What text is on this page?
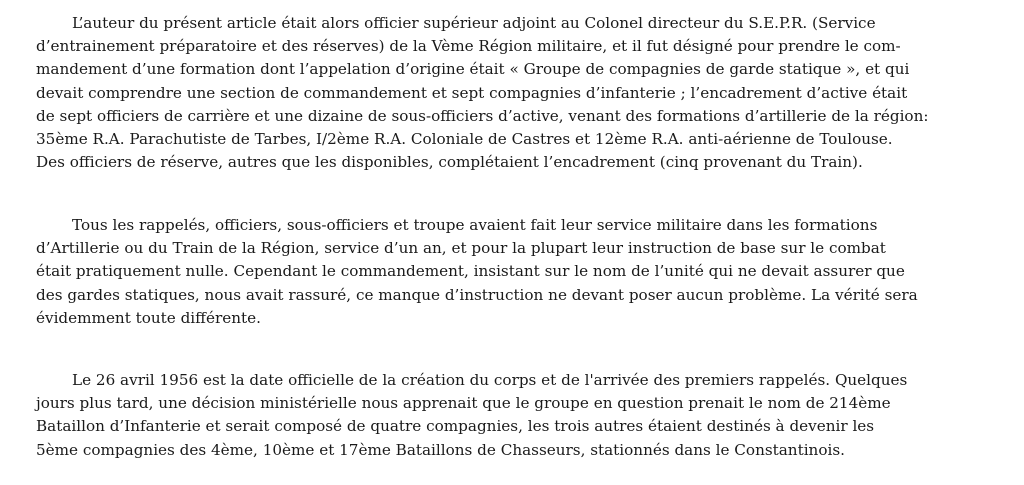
L’auteur du présent article était alors officier supérieur adjoint au Colonel directeur du S.E.P.R. (Service
d’entrainement préparatoire et des réserves) de la Vème Région militaire, et il fut désigné pour prendre le com-
mandement d’une formation dont l’appelation d’origine était « Groupe de compagnies de garde statique », et qui
devait comprendre une section de commandement et sept compagnies d’infanterie ; l’encadrement d’active était
de sept officiers de carrière et une dizaine de sous-officiers d’active, venant des formations d’artillerie de la région:
35ème R.A. Parachutiste de Tarbes, I/2ème R.A. Coloniale de Castres et 12ème R.A. anti-aérienne de Toulouse.
Des officiers de réserve, autres que les disponibles, complétaient l’encadrement (cinq provenant du Train).

Tous les rappelés, officiers, sous-officiers et troupe avaient fait leur service militaire dans les formations
d’Artillerie ou du Train de la Région, service d’un an, et pour la plupart leur instruction de base sur le combat
était pratiquement nulle. Cependant le commandement, insistant sur le nom de l’unité qui ne devait assurer que
des gardes statiques, nous avait rassuré, ce manque d’instruction ne devant poser aucun problème. La vérité sera
évidemment toute différente.

Le 26 avril 1956 est la date officielle de la création du corps et de l'arrivée des premiers rappelés. Quelques
jours plus tard, une décision ministérielle nous apprenait que le groupe en question prenait le nom de 214ème
Bataillon d’Infanterie et serait composé de quatre compagnies, les trois autres étaient destinés à devenir les
5ème compagnies des 4ème, 10ème et 17ème Bataillons de Chasseurs, stationnés dans le Constantinois.
